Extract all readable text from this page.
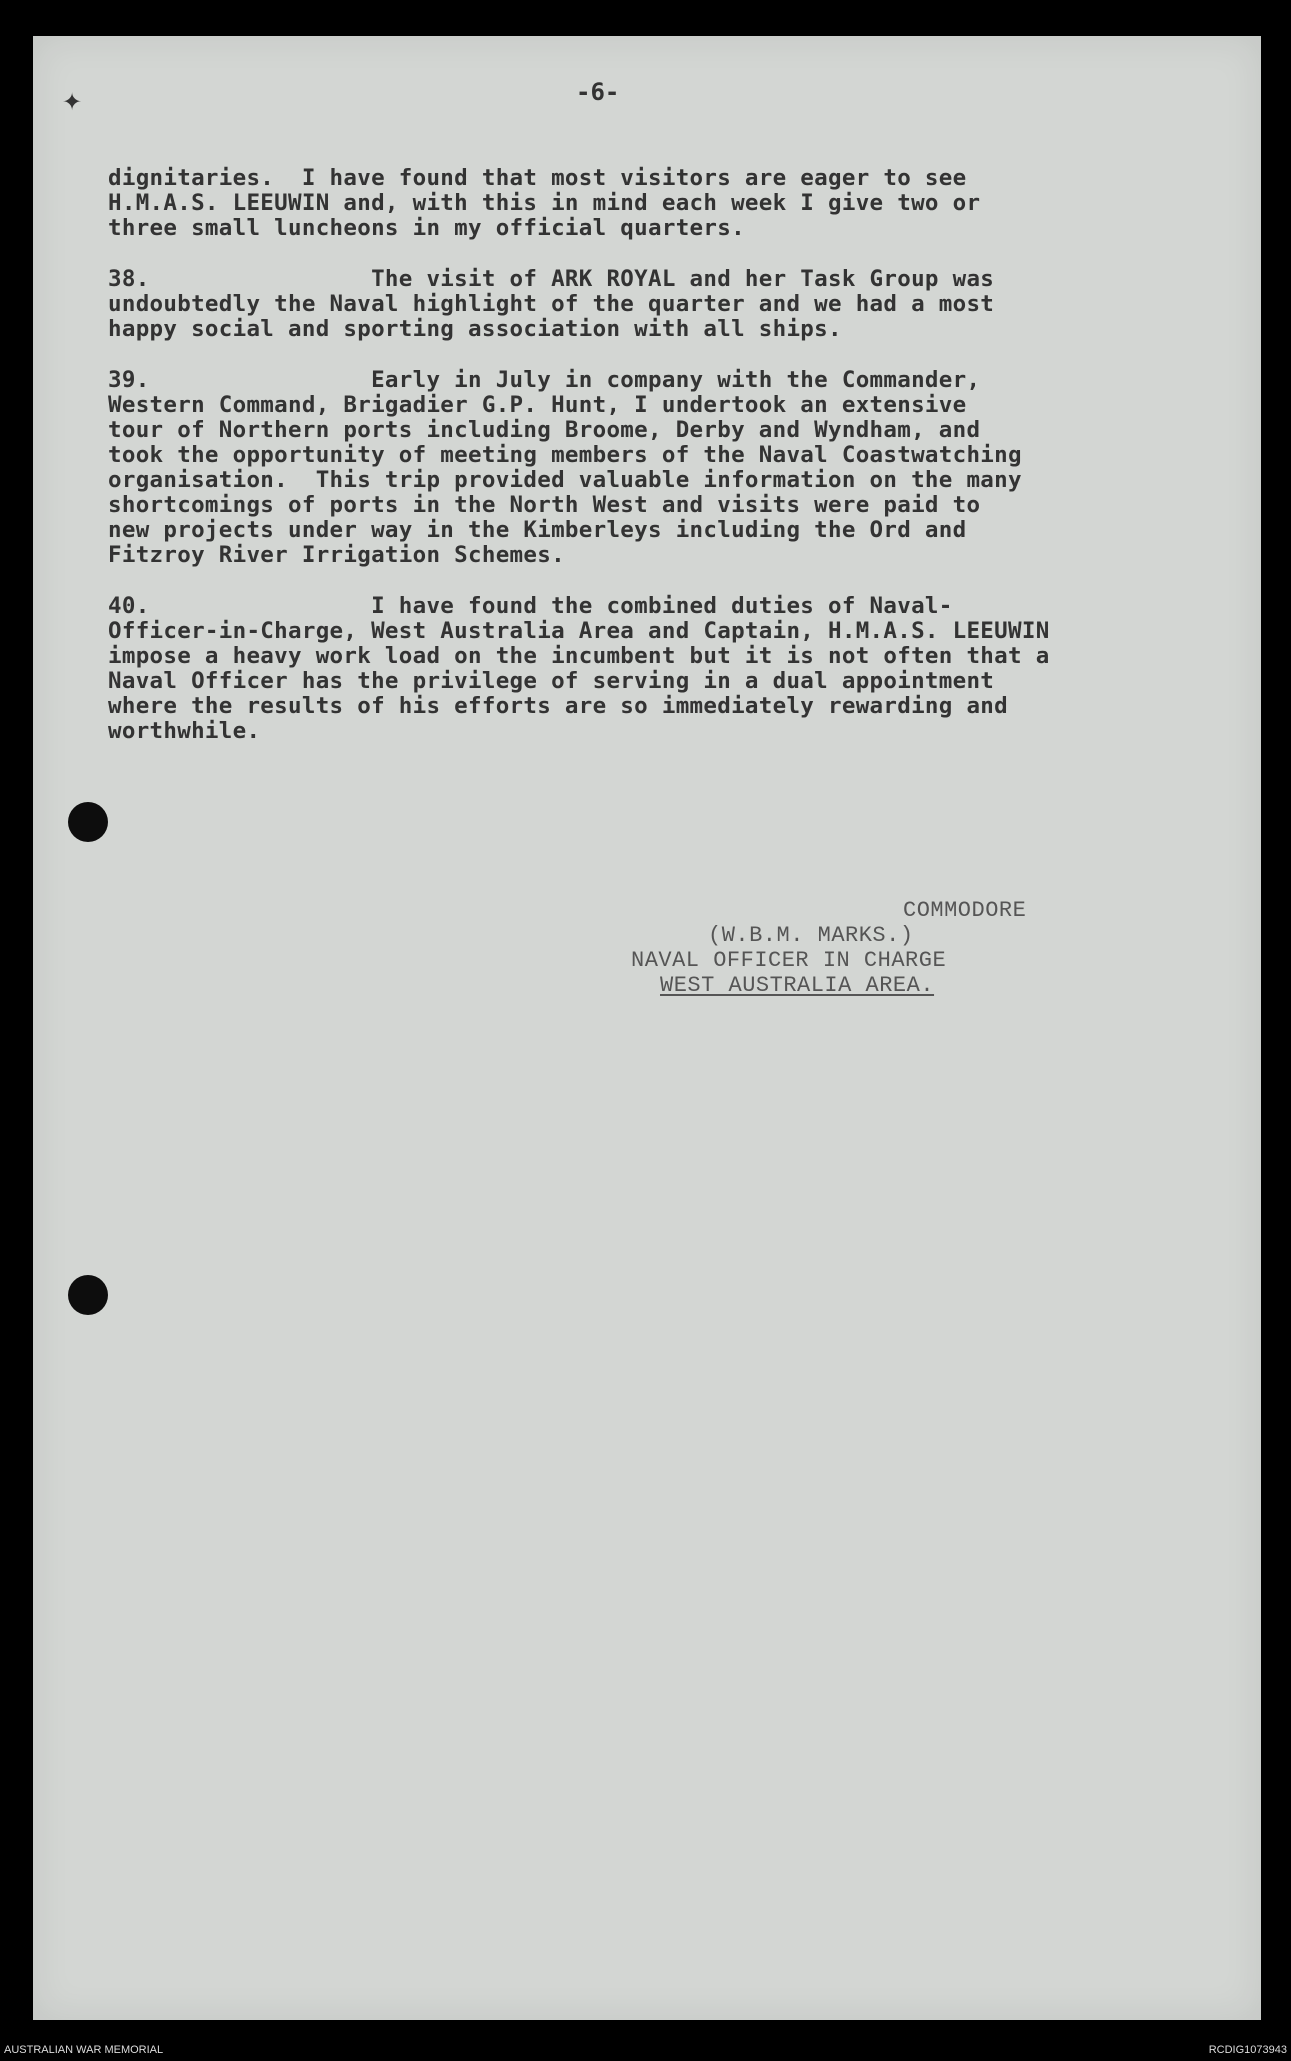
✦	-6-

dignitaries.  I have found that most visitors are eager to see

H.M.A.S. LEEUWIN and, with this in mind each week I give two or

three small luncheons in my official quarters.

38.                The visit of ARK ROYAL and her Task Group was

undoubtedly the Naval highlight of the quarter and we had a most

happy social and sporting association with all ships.

39.                Early in July in company with the Commander,

Western Command, Brigadier G.P. Hunt, I undertook an extensive

tour of Northern ports including Broome, Derby and Wyndham, and

took the opportunity of meeting members of the Naval Coastwatching

organisation.  This trip provided valuable information on the many

shortcomings of ports in the North West and visits were paid to

new projects under way in the Kimberleys including the Ord and

Fitzroy River Irrigation Schemes.

40.                I have found the combined duties of Naval-

Officer-in-Charge, West Australia Area and Captain, H.M.A.S. LEEUWIN

impose a heavy work load on the incumbent but it is not often that a

Naval Officer has the privilege of serving in a dual appointment

where the results of his efforts are so immediately rewarding and

worthwhile.

COMMODORE
(W.B.M. MARKS.)
NAVAL OFFICER IN CHARGE
WEST AUSTRALIA AREA.
AUSTRALIAN WAR MEMORIAL	RCDIG1073943
